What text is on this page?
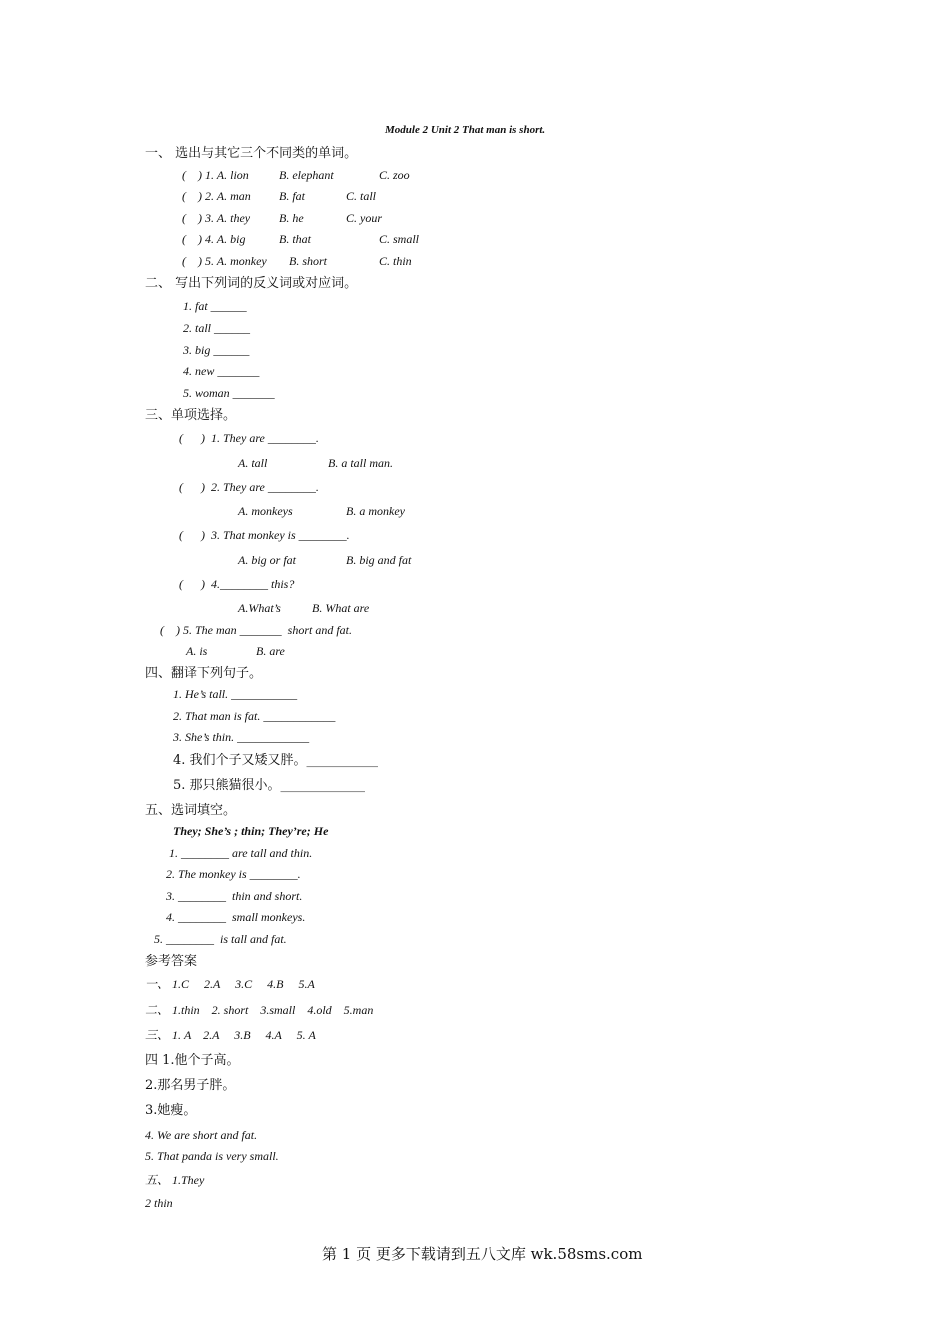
Module 2 Unit 2 That man is short.
一、 选出与其它三个不同类的单词。
(    ) 1. A. lion	B. elephant	C. zoo
(    ) 2. A. man B. fat	C. tall
(    ) 3. A. they B. he	C. your
(    ) 4. A. big	B. that	C. small
(    ) 5. A. monkey B. short	C. thin
二、 写出下列词的反义词或对应词。
1. fat ______
2. tall ______
3. big ______
4. new _______
5. woman _______
三、单项选择。
(      )  1. They are ________.
A. tall	B. a tall man.
(      )  2. They are ________.
A. monkeys	B. a monkey
(      )  3. That monkey is ________.
A. big or fat	B. big and fat
(      )  4.________ this?
A.What’s	B. What are
(    ) 5. The man _______  short and fat.
A. is	B. are
四、翻译下列句子。
1. He’s tall. ___________
2. That man is fat. ____________
3. She’s thin. ____________
4. 我们个子又矮又胖。___________
5. 那只熊猫很小。_____________
五、选词填空。
They; She’s ; thin; They’re; He
1. ________ are tall and thin.
2. The monkey is ________.
3. ________  thin and short.
4. ________  small monkeys.
5. ________  is tall and fat.
参考答案
一、 1.C     2.A     3.C     4.B     5.A
二、 1.thin    2. short    3.small    4.old    5.man
三、 1. A    2.A     3.B     4.A     5. A
四 1.他个子高。
2.那名男子胖。
3.她瘦。
4. We are short and fat.
5. That panda is very small.
五、 1.They
2 thin
第 1 页 更多下载请到五八文库 wk.58sms.com
